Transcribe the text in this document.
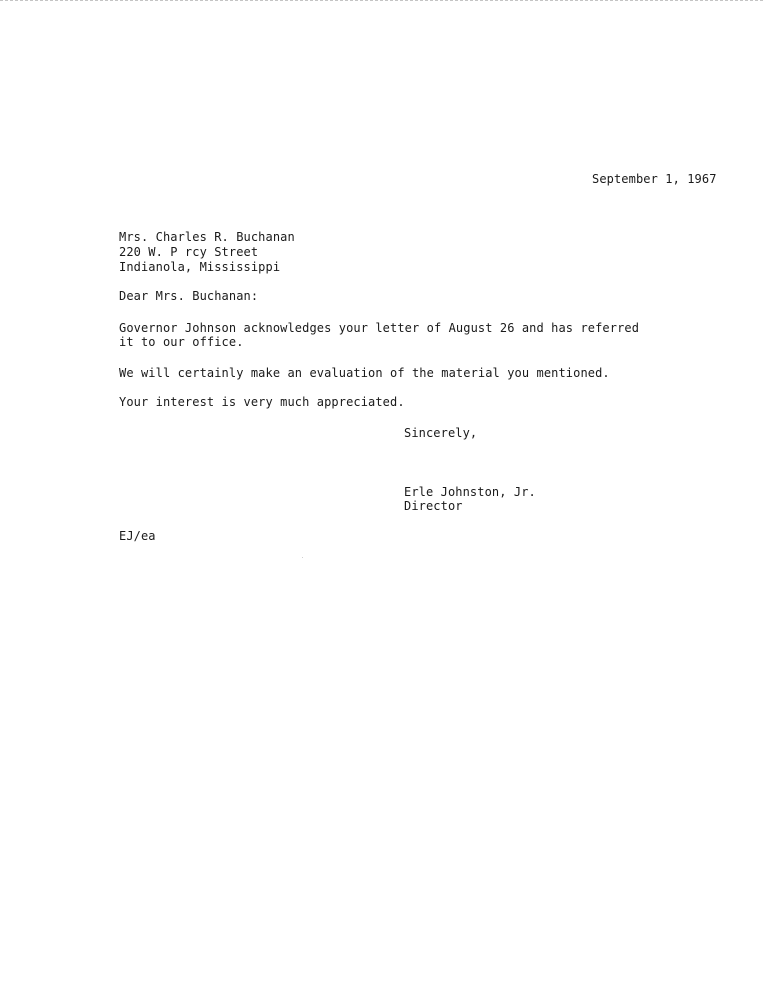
September 1, 1967
Mrs. Charles R. Buchanan
220 W. P rcy Street
Indianola, Mississippi
Dear Mrs. Buchanan:
Governor Johnson acknowledges your letter of August 26 and has referred
it to our office.
We will certainly make an evaluation of the material you mentioned.
Your interest is very much appreciated.
Sincerely,
Erle Johnston, Jr.
Director
EJ/ea
